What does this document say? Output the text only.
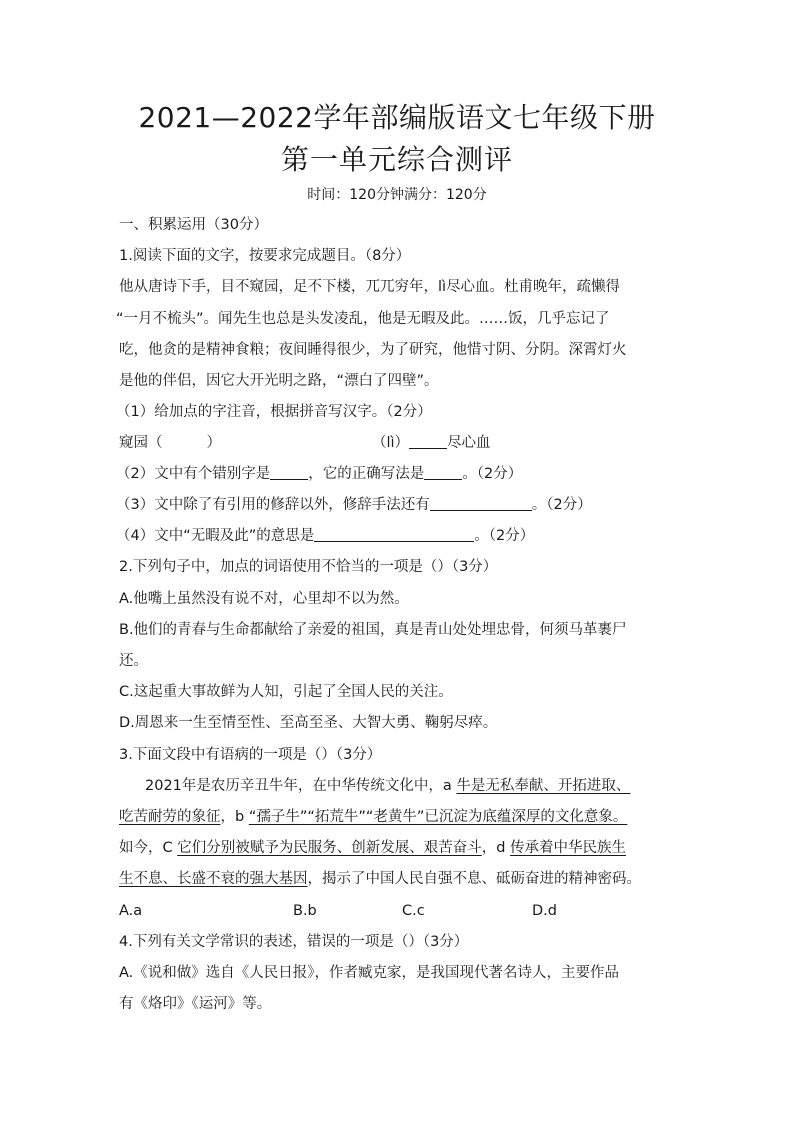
2021—2022学年部编版语文七年级下册
第一单元综合测评
时间：120分钟满分：120分
一、积累运用（30分）
1.阅读下面的文字，按要求完成题目。（8分）
他从唐诗下手，目不窥园，足不下楼，兀兀穷年，lì尽心血。杜甫晚年，疏懒得
“一月不梳头”。闻先生也总是头发凌乱，他是无暇及此。……饭，几乎忘记了
吃，他贪的是精神食粮；夜间睡得很少，为了研究，他惜寸阴、分阴。深霄灯火
是他的伴侣，因它大开光明之路，“漂白了四壁”。
（1）给加点的字注音，根据拼音写汉字。（2分）
窥园（	）	（lì）	尽心血
（2）文中有个错别字是	，它的正确写法是	。（2分）
（3）文中除了有引用的修辞以外，修辞手法还有	。（2分）
（4）文中“无暇及此”的意思是	。（2分）
2.下列句子中，加点的词语使用不恰当的一项是（）（3分）
A.他嘴上虽然没有说不对，心里却不以为然。
B.他们的青春与生命都献给了亲爱的祖国，真是青山处处埋忠骨，何须马革裹尸
还。
C.这起重大事故鲜为人知，引起了全国人民的关注。
D.周恩来一生至情至性、至高至圣、大智大勇、鞠躬尽瘁。
3.下面文段中有语病的一项是（）（3分）
2021年是农历辛丑牛年，在中华传统文化中，a 牛是无私奉献、开拓进取、
吃苦耐劳的象征，b “孺子牛”“拓荒牛”“老黄牛”已沉淀为底蕴深厚的文化意象。
如今，C 它们分别被赋予为民服务、创新发展、艰苦奋斗，d 传承着中华民族生
生不息、长盛不衰的强大基因，揭示了中国人民自强不息、砥砺奋进的精神密码。
A.a	B.b	C.c	D.d
4.下列有关文学常识的表述，错误的一项是（）（3分）
A.《说和做》选自《人民日报》，作者臧克家，是我国现代著名诗人，主要作品
有《烙印》《运河》等。
